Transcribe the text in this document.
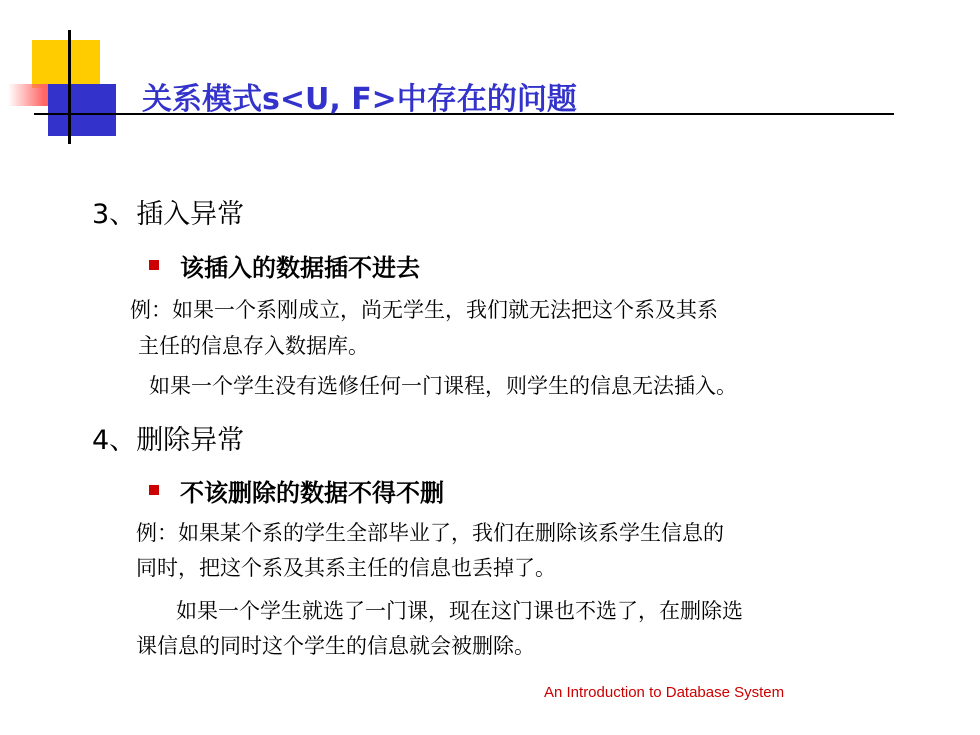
关系模式s<U, F>中存在的问题
3、插入异常
该插入的数据插不进去
例：如果一个系刚成立，尚无学生，我们就无法把这个系及其系
主任的信息存入数据库。
如果一个学生没有选修任何一门课程，则学生的信息无法插入。
4、删除异常
不该删除的数据不得不删
例：如果某个系的学生全部毕业了，我们在删除该系学生信息的
同时，把这个系及其系主任的信息也丢掉了。
如果一个学生就选了一门课，现在这门课也不选了，在删除选
课信息的同时这个学生的信息就会被删除。
An Introduction to Database System
